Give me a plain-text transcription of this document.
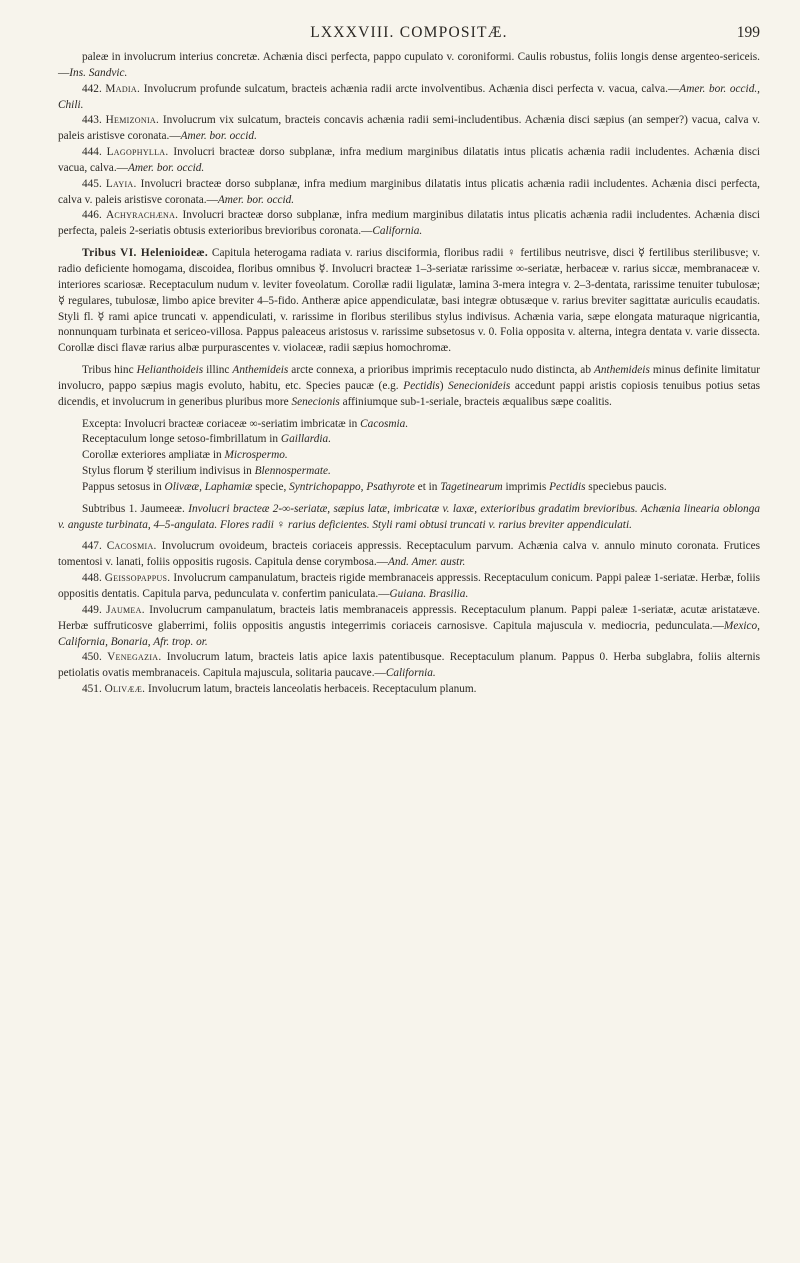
LXXXVIII. COMPOSITÆ.	199

paleæ in involucrum interius concretæ. Achænia disci perfecta, pappo cupulato v. coroniformi. Caulis robustus, foliis longis dense argenteo-sericeis.—Ins. Sandvic.

442. Madia. Involucrum profunde sulcatum, bracteis achænia radii arcte involventibus. Achænia disci perfecta v. vacua, calva.—Amer. bor. occid., Chili.

443. Hemizonia. Involucrum vix sulcatum, bracteis concavis achænia radii semi-includentibus. Achænia disci sæpius (an semper?) vacua, calva v. paleis aristisve coronata.—Amer. bor. occid.

444. Lagophylla. Involucri bracteæ dorso subplanæ, infra medium marginibus dilatatis intus plicatis achænia radii includentes. Achænia disci vacua, calva.—Amer. bor. occid.

445. Layia. Involucri bracteæ dorso subplanæ, infra medium marginibus dilatatis intus plicatis achænia radii includentes. Achænia disci perfecta, calva v. paleis aristisve coronata.—Amer. bor. occid.

446. Achyrachæna. Involucri bracteæ dorso subplanæ, infra medium marginibus dilatatis intus plicatis achænia radii includentes. Achænia disci perfecta, paleis 2-seriatis obtusis exterioribus brevioribus coronata.—California.

Tribus VI. Helenioideæ. Capitula heterogama radiata v. rarius disciformia, floribus radii ♀ fertilibus neutrisve, disci ☿ fertilibus sterilibusve; v. radio deficiente homogama, discoidea, floribus omnibus ☿. Involucri bracteæ 1–3-seriatæ rarissime ∞-seriatæ, herbaceæ v. rarius siccæ, membranaceæ v. interiores scariosæ. Receptaculum nudum v. leviter foveolatum. Corollæ radii ligulatæ, lamina 3-mera integra v. 2–3-dentata, rarissime tenuiter tubulosæ; ☿ regulares, tubulosæ, limbo apice breviter 4–5-fido. Antheræ apice appendiculatæ, basi integræ obtusæque v. rarius breviter sagittatæ auriculis ecaudatis. Styli fl. ☿ rami apice truncati v. appendiculati, v. rarissime in floribus sterilibus stylus indivisus. Achænia varia, sæpe elongata maturaque nigricantia, nonnunquam turbinata et sericeo-villosa. Pappus paleaceus aristosus v. rarissime subsetosus v. 0. Folia opposita v. alterna, integra dentata v. varie dissecta. Corollæ disci flavæ rarius albæ purpurascentes v. violaceæ, radii sæpius homochromæ.

Tribus hinc Helianthoideis illinc Anthemideis arcte connexa, a prioribus imprimis receptaculo nudo distincta, ab Anthemideis minus definite limitatur involucro, pappo sæpius magis evoluto, habitu, etc. Species paucæ (e.g. Pectidis) Senecionideis accedunt pappi aristis copiosis tenuibus potius setas dicendis, et involucrum in generibus pluribus more Senecionis affiniumque sub-1-seriale, bracteis æqualibus sæpe coalitis.

Excepta: Involucri bracteæ coriaceæ ∞-seriatim imbricatæ in Cacosmia.

Receptaculum longe setoso-fimbrillatum in Gaillardia.

Corollæ exteriores ampliatæ in Microspermo.

Stylus florum ☿ sterilium indivisus in Blennospermate.

Pappus setosus in Olivææ, Laphamiæ specie, Syntrichopappo, Psathyrote et in Tagetinearum imprimis Pectidis speciebus paucis.

Subtribus 1. Jaumeeæ. Involucri bracteæ 2-∞-seriatæ, sæpius latæ, imbricatæ v. laxæ, exterioribus gradatim brevioribus. Achænia linearia oblonga v. anguste turbinata, 4–5-angulata. Flores radii ♀ rarius deficientes. Styli rami obtusi truncati v. rarius breviter appendiculati.

447. Cacosmia. Involucrum ovoideum, bracteis coriaceis appressis. Receptaculum parvum. Achænia calva v. annulo minuto coronata. Frutices tomentosi v. lanati, foliis oppositis rugosis. Capitula dense corymbosa.—And. Amer. austr.

448. Geissopappus. Involucrum campanulatum, bracteis rigide membranaceis appressis. Receptaculum conicum. Pappi paleæ 1-seriatæ. Herbæ, foliis oppositis dentatis. Capitula parva, pedunculata v. confertim paniculata.—Guiana. Brasilia.

449. Jaumea. Involucrum campanulatum, bracteis latis membranaceis appressis. Receptaculum planum. Pappi paleæ 1-seriatæ, acutæ aristatæve. Herbæ suffruticosve glaberrimi, foliis oppositis angustis integerrimis coriaceis carnosisve. Capitula majuscula v. mediocria, pedunculata.—Mexico, California, Bonaria, Afr. trop. or.

450. Venegazia. Involucrum latum, bracteis latis apice laxis patentibusque. Receptaculum planum. Pappus 0. Herba subglabra, foliis alternis petiolatis ovatis membranaceis. Capitula majuscula, solitaria paucave.—California.

451. Olivææ. Involucrum latum, bracteis lanceolatis herbaceis. Receptaculum planum.
